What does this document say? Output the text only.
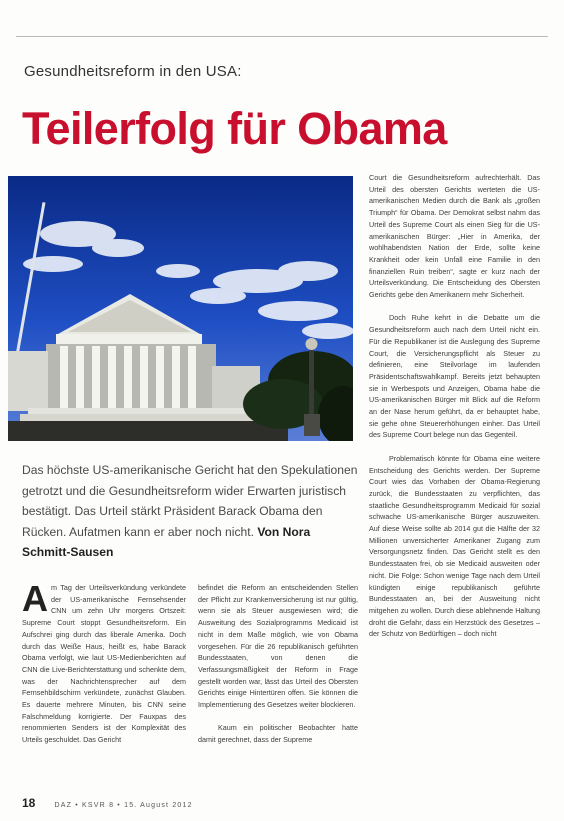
Gesundheitsreform in den USA:
Teilerfolg für Obama
Das höchste US-amerikanische Gericht hat den Spekulationen getrotzt und die Gesundheitsreform wider Erwarten juristisch bestätigt. Das Urteil stärkt Präsident Barack Obama den Rücken. Aufatmen kann er aber noch nicht. Von Nora Schmitt-Sausen
A m Tag der Urteilsverkündung verkündete der US-amerikanische Fernsehsender CNN um zehn Uhr morgens Ortszeit: Supreme Court stoppt Gesundheitsreform. Ein Aufschrei ging durch das liberale Amerika. Doch durch das Weiße Haus, heißt es, habe Barack Obama verfolgt, wie laut US-Medienberichten auf CNN die Live-Berichterstattung und schenkte dem, was der Nachrichtensprecher auf dem Fernsehbildschirm verkündete, zunächst Glauben. Es dauerte mehrere Minuten, bis CNN seine Falschmeldung korrigierte. Der Fauxpas des renommierten Senders ist der Komplexität des Urteils geschuldet. Das Gericht

befindet die Reform an entscheidenden Stellen der Pflicht zur Krankenversicherung ist nur gültig, wenn sie als Steuer ausgewiesen wird; die Ausweitung des Sozialprogramms Medicaid ist nicht in dem Maße möglich, wie von Obama vorgesehen. Für die 26 republikanisch geführten Bundesstaaten, von denen die Verfassungsmäßigkeit der Reform in Frage gestellt worden war, lässt das Urteil des Obersten Gerichts einige Hintertüren offen. Sie können die Implementierung des Gesetzes weiter blockieren.

Kaum ein politischer Beobachter hatte damit gerechnet, dass der Supreme

Court die Gesundheitsreform aufrechterhält. Das Urteil des obersten Gerichts werteten die US-amerikanischen Medien durch die Bank als „großen Triumph“ für Obama. Der Demokrat selbst nahm das Urteil des Supreme Court als einen Sieg für die US-amerikanischen Bürger: „Hier in Amerika, der wohlhabendsten Nation der Erde, sollte keine Krankheit oder kein Unfall eine Familie in den finanziellen Ruin treiben“, sagte er kurz nach der Urteilsverkündung. Die Entscheidung des Obersten Gerichts gebe den Amerikanern mehr Sicherheit.

Doch Ruhe kehrt in die Debatte um die Gesundheitsreform auch nach dem Urteil nicht ein. Für die Republikaner ist die Auslegung des Supreme Court, die Versicherungspflicht als Steuer zu definieren, eine Steilvorlage im laufenden Präsidentschaftswahlkampf. Bereits jetzt behaupten sie in Werbespots und Anzeigen, Obama habe die US-amerikanischen Bürger mit Blick auf die Reform an der Nase herum geführt, da er behauptet habe, sie gehe ohne Steuererhöhungen einher. Das Urteil des Supreme Court belege nun das Gegenteil.

Problematisch könnte für Obama eine weitere Entscheidung des Gerichts werden. Der Supreme Court wies das Vorhaben der Obama-Regierung zurück, die Bundesstaaten zu verpflichten, das staatliche Gesundheitsprogramm Medicaid für sozial schwache US-amerikanische Bürger auszuweiten. Auf diese Weise sollte ab 2014 gut die Hälfte der 32 Millionen unversicherter Amerikaner Zugang zum Versorgungsnetz finden. Das Gericht stellt es den Bundesstaaten frei, ob sie Medicaid ausweiten oder nicht. Die Folge: Schon wenige Tage nach dem Urteil kündigten einige republikanisch geführte Bundesstaaten an, bei der Ausweitung nicht mitgehen zu wollen. Durch diese ablehnende Haltung droht die Gefahr, dass ein Herzstück des Gesetzes – der Schutz von Bedürftigen – doch nicht

18	DAZ • KSVR 8 • 15. August 2012
